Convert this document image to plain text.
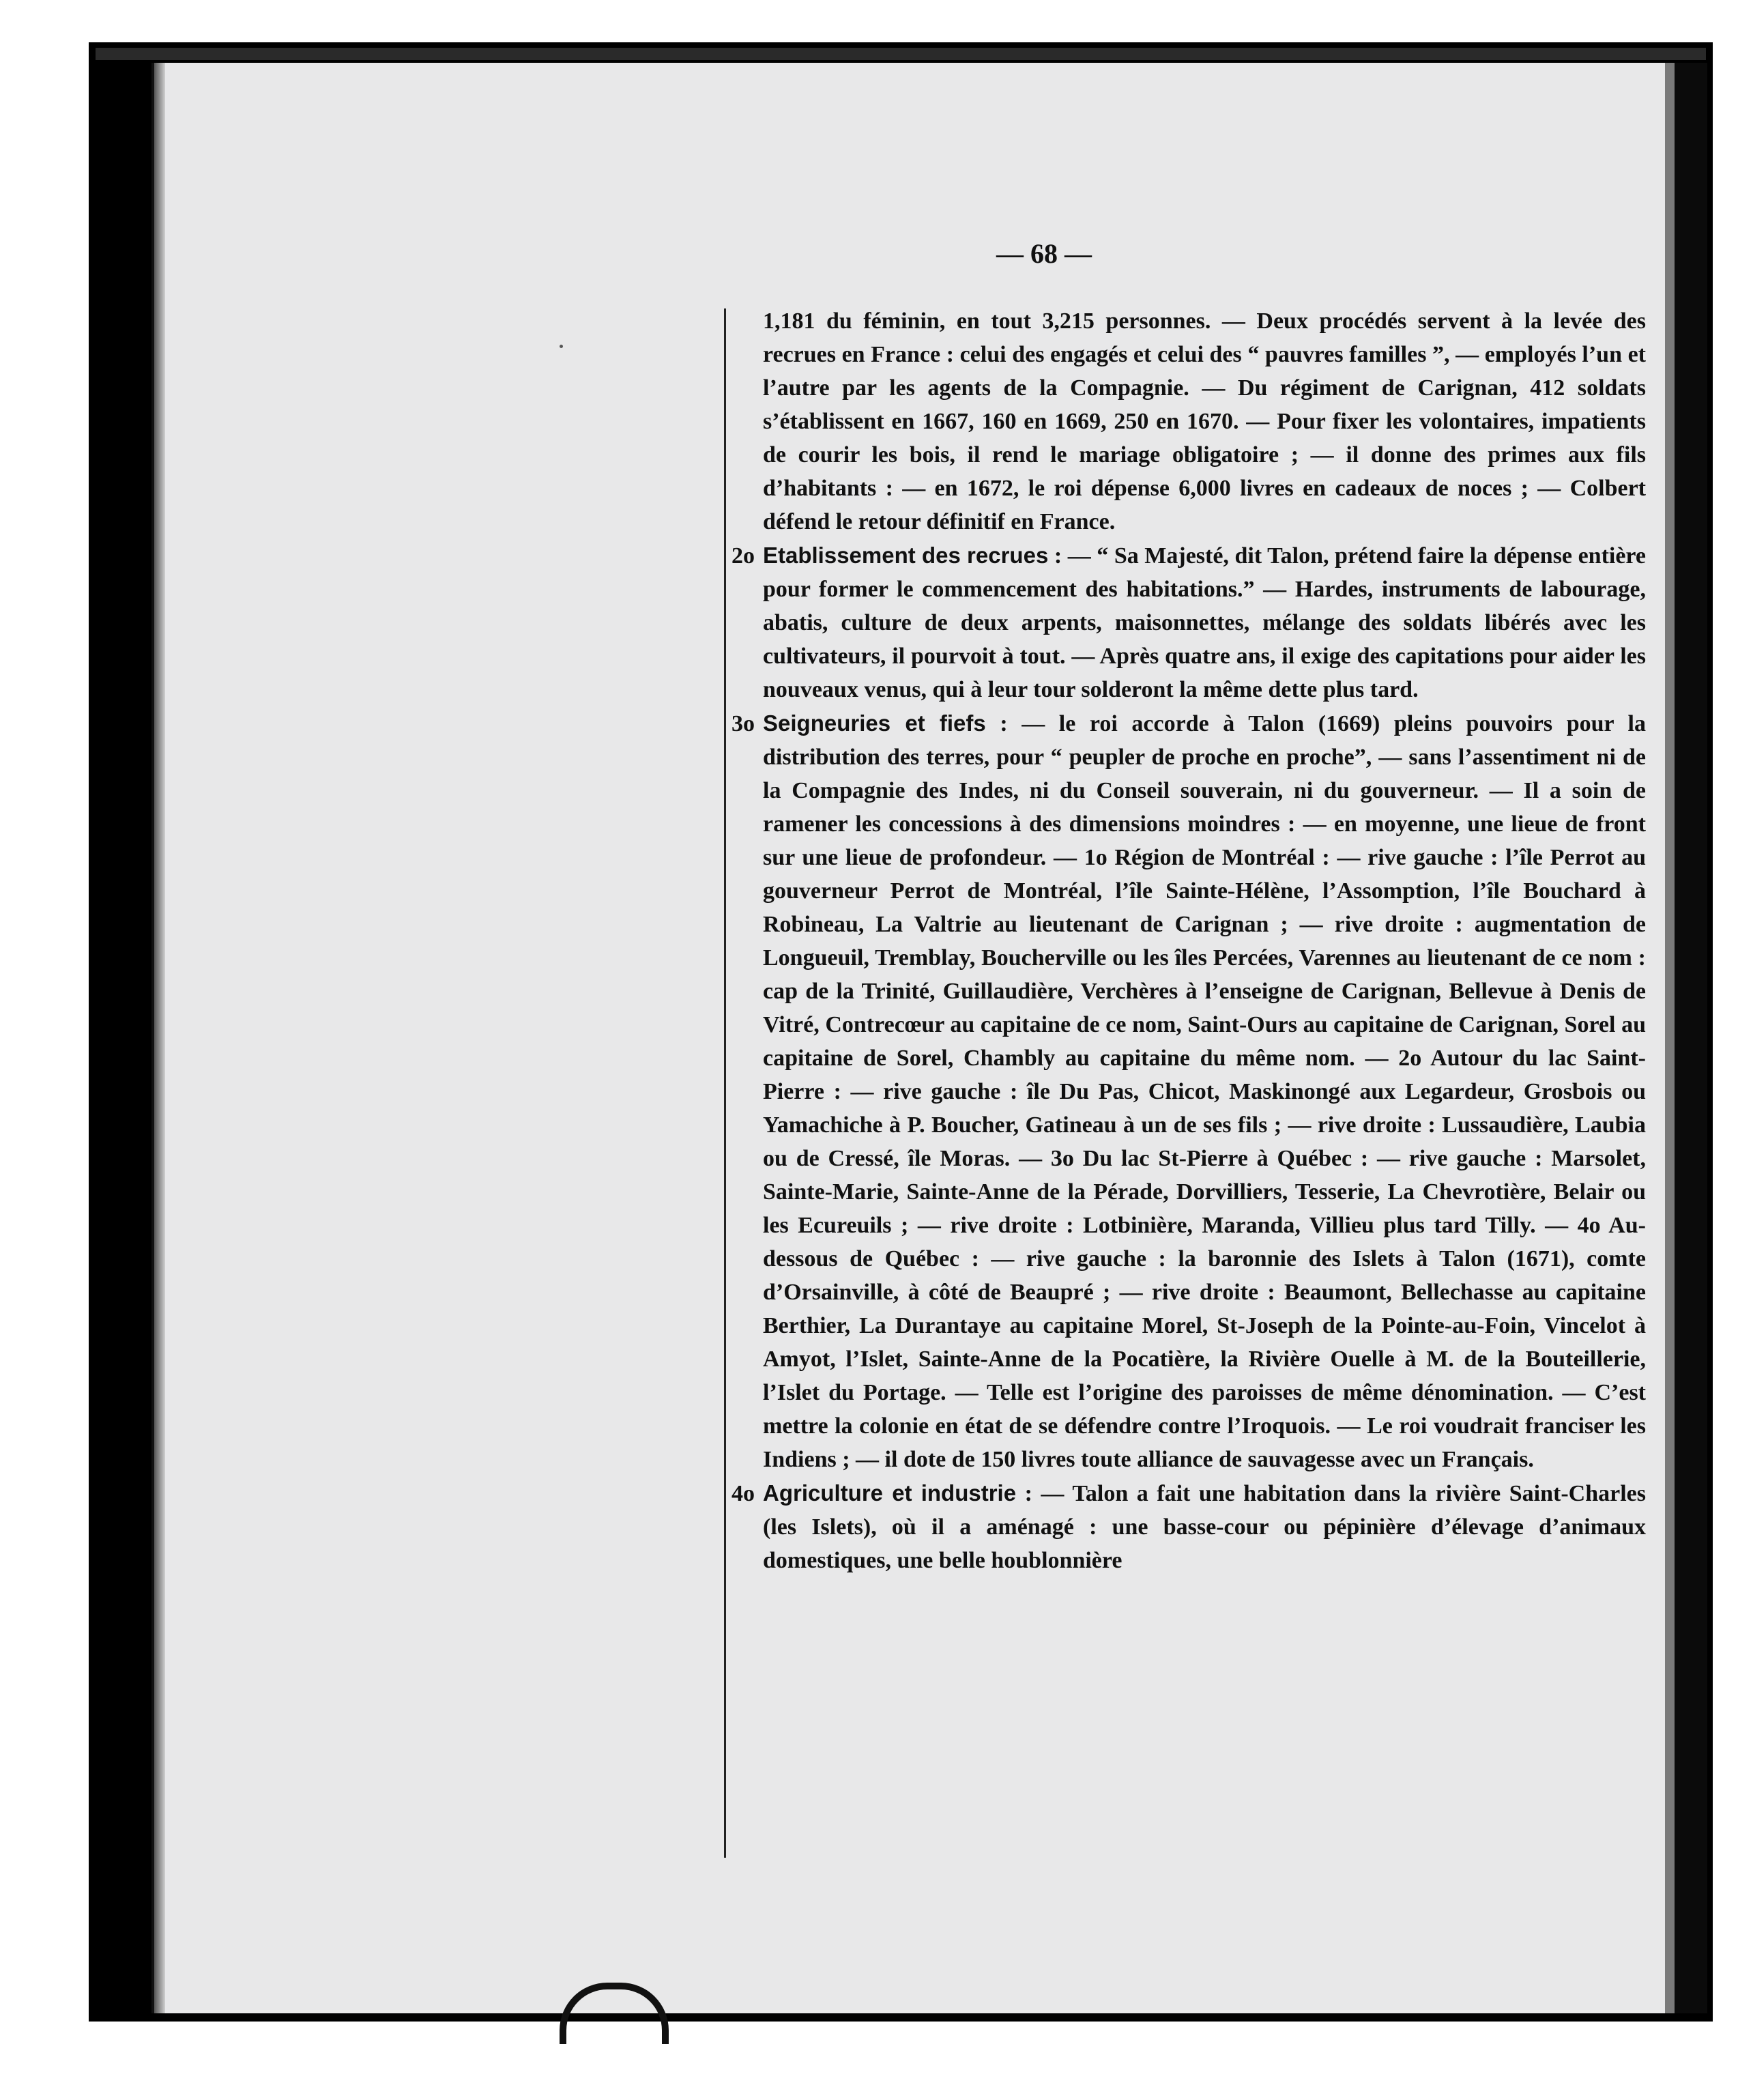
— 68 —

1,181 du féminin, en tout 3,215 personnes. — Deux procédés servent à la levée des recrues en France : celui des engagés et celui des “ pauvres familles ”, — employés l’un et l’autre par les agents de la Compagnie. — Du régiment de Carignan, 412 soldats s’établissent en 1667, 160 en 1669, 250 en 1670. — Pour fixer les volontaires, impatients de courir les bois, il rend le mariage obligatoire ; — il donne des primes aux fils d’habitants : — en 1672, le roi dépense 6,000 livres en cadeaux de noces ; — Colbert défend le retour définitif en France.

2o Etablissement des recrues : — “ Sa Majesté, dit Talon, prétend faire la dépense entière pour former le commencement des habitations.” — Hardes, instruments de labourage, abatis, culture de deux arpents, maisonnettes, mélange des soldats libérés avec les cultivateurs, il pourvoit à tout. — Après quatre ans, il exige des capitations pour aider les nouveaux venus, qui à leur tour solderont la même dette plus tard.

3o Seigneuries et fiefs : — le roi accorde à Talon (1669) pleins pouvoirs pour la distribution des terres, pour “ peupler de proche en proche”, — sans l’assentiment ni de la Compagnie des Indes, ni du Conseil souverain, ni du gouverneur. — Il a soin de ramener les concessions à des dimensions moindres : — en moyenne, une lieue de front sur une lieue de profondeur. — 1o Région de Montréal : — rive gauche : l’île Perrot au gouverneur Perrot de Montréal, l’île Sainte-Hélène, l’Assomption, l’île Bouchard à Robineau, La Valtrie au lieutenant de Carignan ; — rive droite : augmentation de Longueuil, Tremblay, Boucherville ou les îles Percées, Varennes au lieutenant de ce nom : cap de la Trinité, Guillaudière, Verchères à l’enseigne de Carignan, Bellevue à Denis de Vitré, Contrecœur au capitaine de ce nom, Saint-Ours au capitaine de Carignan, Sorel au capitaine de Sorel, Chambly au capitaine du même nom. — 2o Autour du lac Saint-Pierre : — rive gauche : île Du Pas, Chicot, Maskinongé aux Legardeur, Grosbois ou Yamachiche à P. Boucher, Gatineau à un de ses fils ; — rive droite : Lussaudière, Laubia ou de Cressé, île Moras. — 3o Du lac St-Pierre à Québec : — rive gauche : Marsolet, Sainte-Marie, Sainte-Anne de la Pérade, Dorvilliers, Tesserie, La Chevrotière, Belair ou les Ecureuils ; — rive droite : Lotbinière, Maranda, Villieu plus tard Tilly. — 4o Au-dessous de Québec : — rive gauche : la baronnie des Islets à Talon (1671), comte d’Orsainville, à côté de Beaupré ; — rive droite : Beaumont, Bellechasse au capitaine Berthier, La Durantaye au capitaine Morel, St-Joseph de la Pointe-au-Foin, Vincelot à Amyot, l’Islet, Sainte-Anne de la Pocatière, la Rivière Ouelle à M. de la Bouteillerie, l’Islet du Portage. — Telle est l’origine des paroisses de même dénomination. — C’est mettre la colonie en état de se défendre contre l’Iroquois. — Le roi voudrait franciser les Indiens ; — il dote de 150 livres toute alliance de sauvagesse avec un Français.

4o Agriculture et industrie : — Talon a fait une habitation dans la rivière Saint-Charles (les Islets), où il a aménagé : une basse-cour ou pépinière d’élevage d’animaux domestiques, une belle houblonnière
